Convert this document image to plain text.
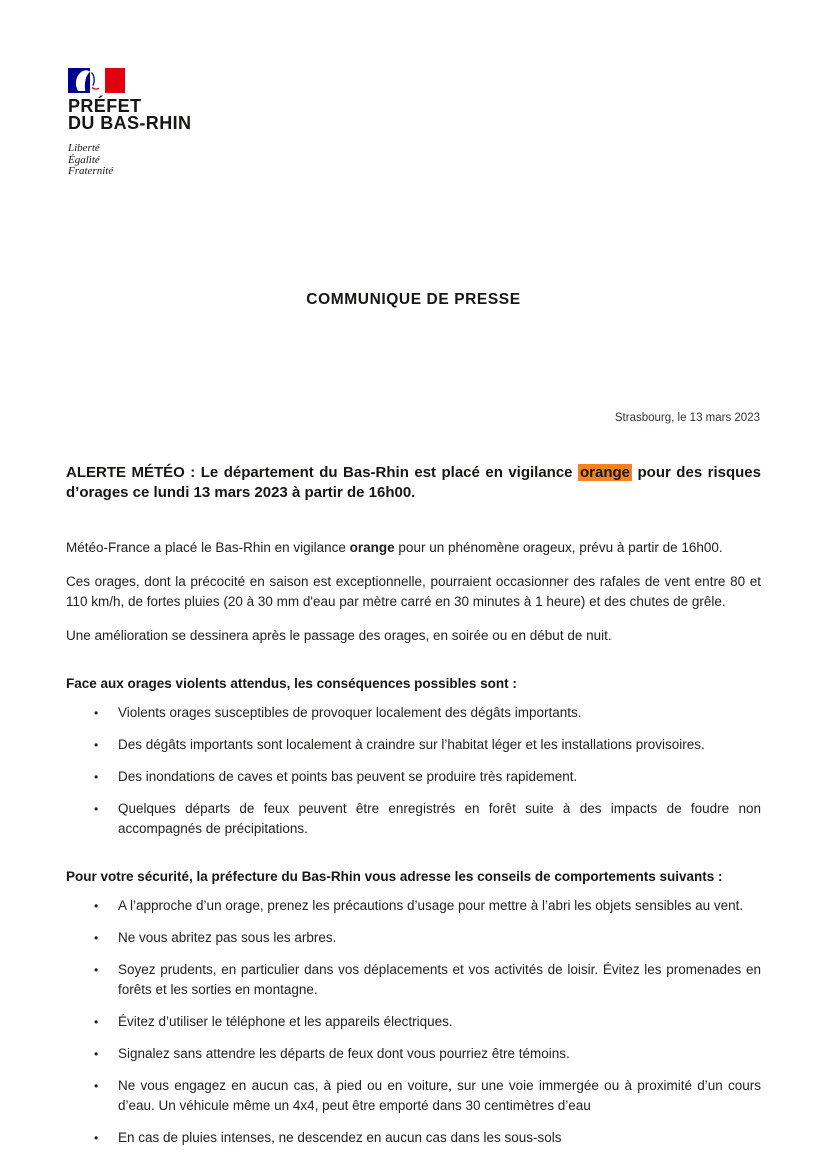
PRÉFET
DU BAS-RHIN
Liberté
Égalité
Fraternité
COMMUNIQUE DE PRESSE
Strasbourg, le 13 mars 2023
ALERTE MÉTÉO : Le département du Bas-Rhin est placé en vigilance orange pour des risques d’orages ce lundi 13 mars 2023 à partir de 16h00.

Météo-France a placé le Bas-Rhin en vigilance orange pour un phénomène orageux, prévu à partir de 16h00.

Ces orages, dont la précocité en saison est exceptionnelle, pourraient occasionner des rafales de vent entre 80 et 110 km/h, de fortes pluies (20 à 30 mm d'eau par mètre carré en 30 minutes à 1 heure) et des chutes de grêle.

Une amélioration se dessinera après le passage des orages, en soirée ou en début de nuit.

Face aux orages violents attendus, les conséquences possibles sont :
• Violents orages susceptibles de provoquer localement des dégâts importants.
• Des dégâts importants sont localement à craindre sur l’habitat léger et les installations provisoires.
• Des inondations de caves et points bas peuvent se produire très rapidement.
• Quelques départs de feux peuvent être enregistrés en forêt suite à des impacts de foudre non accompagnés de précipitations.
Pour votre sécurité, la préfecture du Bas-Rhin vous adresse les conseils de comportements suivants :
• A l’approche d’un orage, prenez les précautions d’usage pour mettre à l’abri les objets sensibles au vent.
• Ne vous abritez pas sous les arbres.
• Soyez prudents, en particulier dans vos déplacements et vos activités de loisir. Évitez les promenades en forêts et les sorties en montagne.
• Évitez d’utiliser le téléphone et les appareils électriques.
• Signalez sans attendre les départs de feux dont vous pourriez être témoins.
• Ne vous engagez en aucun cas, à pied ou en voiture, sur une voie immergée ou à proximité d’un cours d’eau. Un véhicule même un 4x4, peut être emporté dans 30 centimètres d’eau
• En cas de pluies intenses, ne descendez en aucun cas dans les sous-sols
